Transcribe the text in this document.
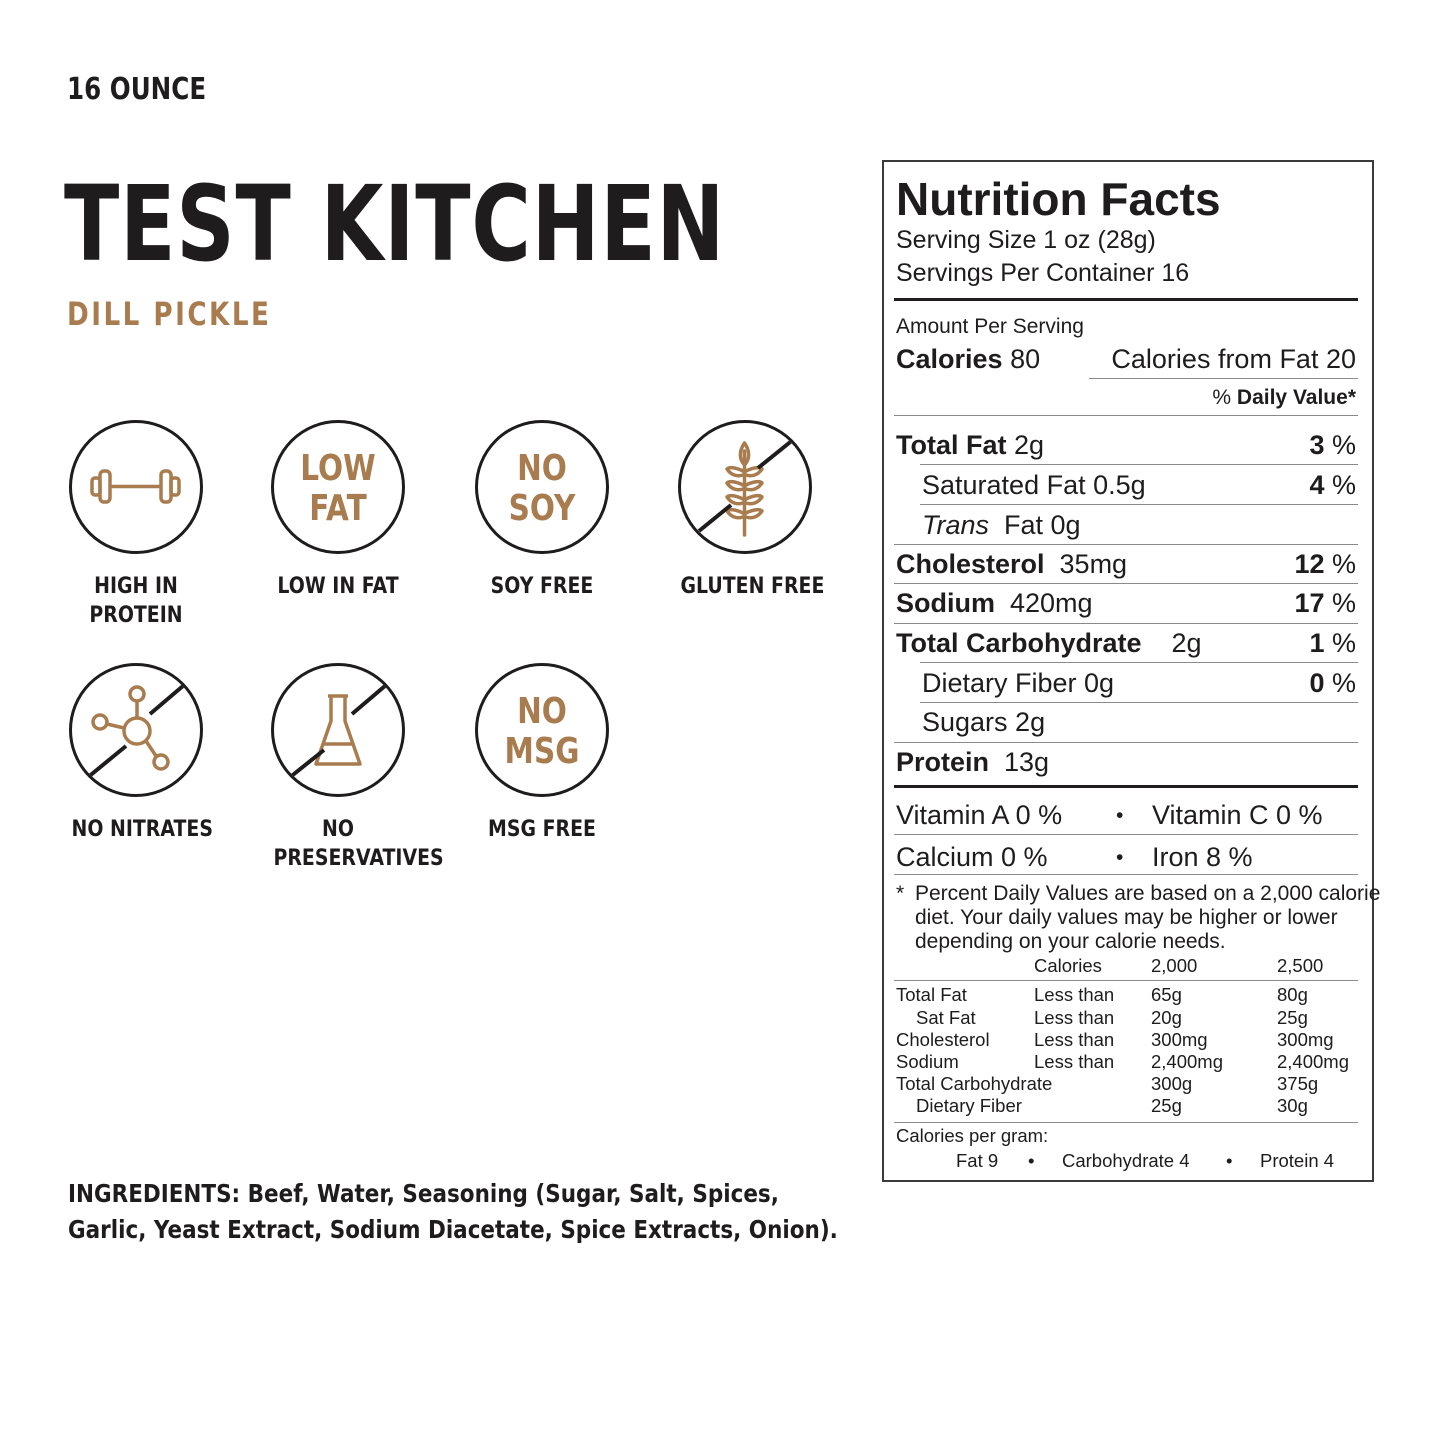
16 OUNCE
TEST KITCHEN
DILL PICKLE
HIGH IN
PROTEIN
LOW
FAT
LOW IN FAT
NO
SOY
SOY FREE	GLUTEN FREE
NO NITRATES	NO
PRESERVATIVES
NO
MSG
MSG FREE
INGREDIENTS: Beef, Water, Seasoning (Sugar, Salt, Spices,
Garlic, Yeast Extract, Sodium Diacetate, Spice Extracts, Onion).
Nutrition Facts
Serving Size 1 oz (28g)
Servings Per Container 16
Amount Per Serving
Calories 80	Calories from Fat 20
% Daily Value*
Total Fat 2g	3 %
Saturated Fat 0.5g	4 %
Trans  Fat 0g
Cholesterol  35mg	12 %
Sodium  420mg	17 %
Total Carbohydrate    2g	1 %
Dietary Fiber 0g	0 %
Sugars 2g
Protein  13g
Vitamin A 0 %	• Vitamin C 0 %
Calcium 0 %	• Iron 8 %
* Percent Daily Values are based on a 2,000 calorie
diet. Your daily values may be higher or lower
depending on your calorie needs.
Calories	2,000	2,500
Total Fat	Less than 65g	80g
Sat Fat	Less than 20g	25g
Cholesterol Less than 300mg	300mg
Sodium	Less than 2,400mg	2,400mg
Total Carbohydrate	300g	375g
Dietary Fiber	25g	30g
Calories per gram:
Fat 9 • Carbohydrate 4 • Protein 4
